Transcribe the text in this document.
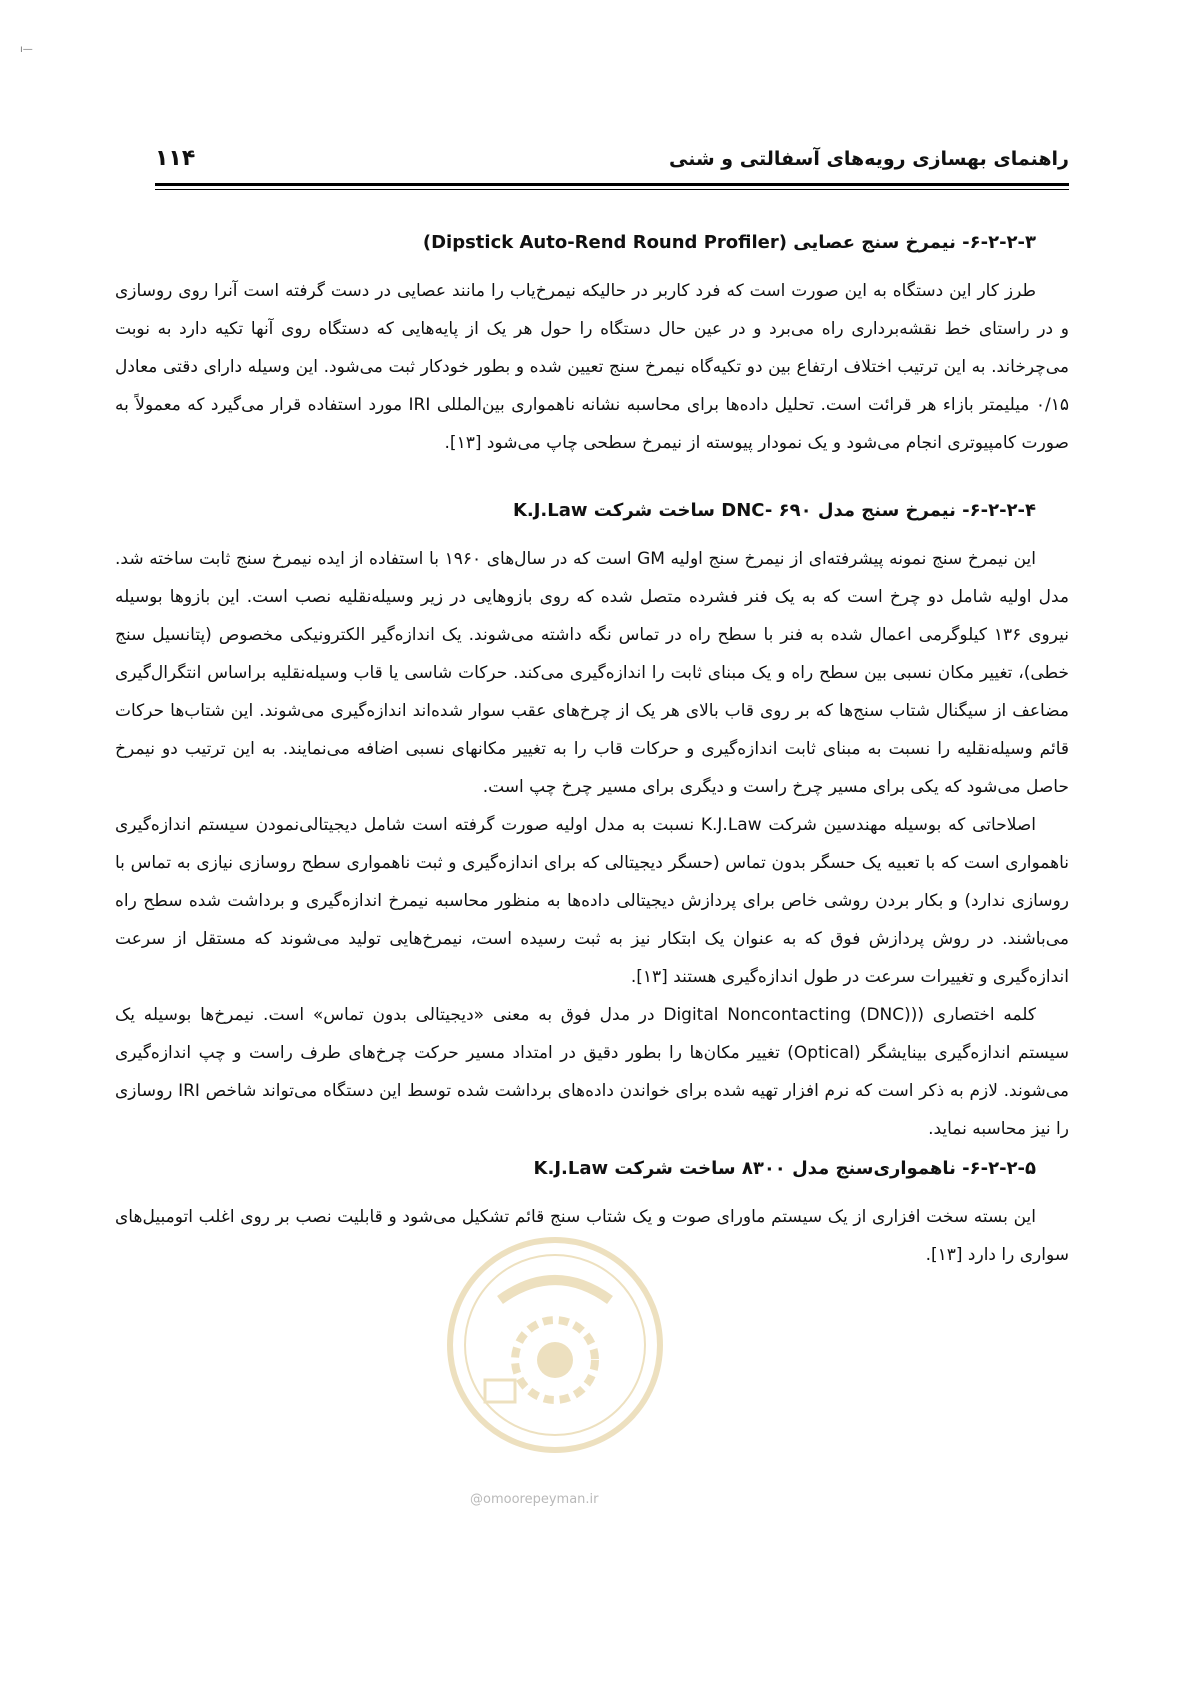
ı—
راهنمای بهسازی رویه‌های آسفالتی و شنی
۱۱۴
۶-۲-۲-۳- نیمرخ سنج عصایی (Dipstick Auto-Rend Round Profiler)

طرز کار این دستگاه به این صورت است که فرد کاربر در حالیکه نیمرخ‌یاب را مانند عصایی در دست گرفته است آنرا روی روسازی و در راستای خط نقشه‌برداری راه می‌برد و در عین حال دستگاه را حول هر یک از پایه‌هایی که دستگاه روی آنها تکیه دارد به نوبت می‌چرخاند. به این ترتیب اختلاف ارتفاع بین دو تکیه‌گاه نیمرخ سنج تعیین شده و بطور خودکار ثبت می‌شود. این وسیله دارای دقتی معادل ۰/۱۵ میلیمتر بازاء هر قرائت است. تحلیل داده‌ها برای محاسبه نشانه ناهمواری بین‌المللی IRI مورد استفاده قرار می‌گیرد که معمولاً به صورت کامپیوتری انجام می‌شود و یک نمودار پیوسته از نیمرخ سطحی چاپ می‌شود [۱۳].

۶-۲-۲-۴- نیمرخ سنج مدل DNC- ۶۹۰ ساخت شرکت K.J.Law

این نیمرخ سنج نمونه پیشرفته‌ای از نیمرخ سنج اولیه GM است که در سال‌های ۱۹۶۰ با استفاده از ایده نیمرخ سنج ثابت ساخته شد. مدل اولیه شامل دو چرخ است که به یک فنر فشرده متصل شده که روی بازوهایی در زیر وسیله‌نقلیه نصب است. این بازوها بوسیله نیروی ۱۳۶ کیلوگرمی اعمال شده به فنر با سطح راه در تماس نگه داشته می‌شوند. یک اندازه‌گیر الکترونیکی مخصوص (پتانسیل سنج خطی)، تغییر مکان نسبی بین سطح راه و یک مبنای ثابت را اندازه‌گیری می‌کند. حرکات شاسی یا قاب وسیله‌نقلیه براساس انتگرال‌گیری مضاعف از سیگنال شتاب سنج‌ها که بر روی قاب بالای هر یک از چرخ‌های عقب سوار شده‌اند اندازه‌گیری می‌شوند. این شتاب‌ها حرکات قائم وسیله‌نقلیه را نسبت به مبنای ثابت اندازه‌گیری و حرکات قاب را به تغییر مکانهای نسبی اضافه می‌نمایند. به این ترتیب دو نیمرخ حاصل می‌شود که یکی برای مسیر چرخ راست و دیگری برای مسیر چرخ چپ است.

اصلاحاتی که بوسیله مهندسین شرکت K.J.Law نسبت به مدل اولیه صورت گرفته است شامل دیجیتالی‌نمودن سیستم اندازه‌گیری ناهمواری است که با تعبیه یک حسگر بدون تماس (حسگر دیجیتالی که برای اندازه‌گیری و ثبت ناهمواری سطح روسازی نیازی به تماس با روسازی ندارد) و بکار بردن روشی خاص برای پردازش دیجیتالی داده‌ها به منظور محاسبه نیمرخ اندازه‌گیری و برداشت شده سطح راه می‌باشند. در روش پردازش فوق که به عنوان یک ابتکار نیز به ثبت رسیده است، نیمرخ‌هایی تولید می‌شوند که مستقل از سرعت اندازه‌گیری و تغییرات سرعت در طول اندازه‌گیری هستند [۱۳].

کلمه اختصاری ((Digital Noncontacting (DNC) در مدل فوق به معنی «دیجیتالی بدون تماس» است. نیمرخ‌ها بوسیله یک سیستم اندازه‌گیری بینایشگر (Optical) تغییر مکان‌ها را بطور دقیق در امتداد مسیر حرکت چرخ‌های طرف راست و چپ اندازه‌گیری می‌شوند. لازم به ذکر است که نرم افزار تهیه شده برای خواندن داده‌های برداشت شده توسط این دستگاه می‌تواند شاخص IRI روسازی را نیز محاسبه نماید.

۶-۲-۲-۵- ناهمواری‌سنج مدل ۸۳۰۰ ساخت شرکت K.J.Law

این بسته سخت افزاری از یک سیستم ماورای صوت و یک شتاب سنج قائم تشکیل می‌شود و قابلیت نصب بر روی اغلب اتومبیل‌های سواری را دارد [۱۳].

@omoorepeyman.ir
